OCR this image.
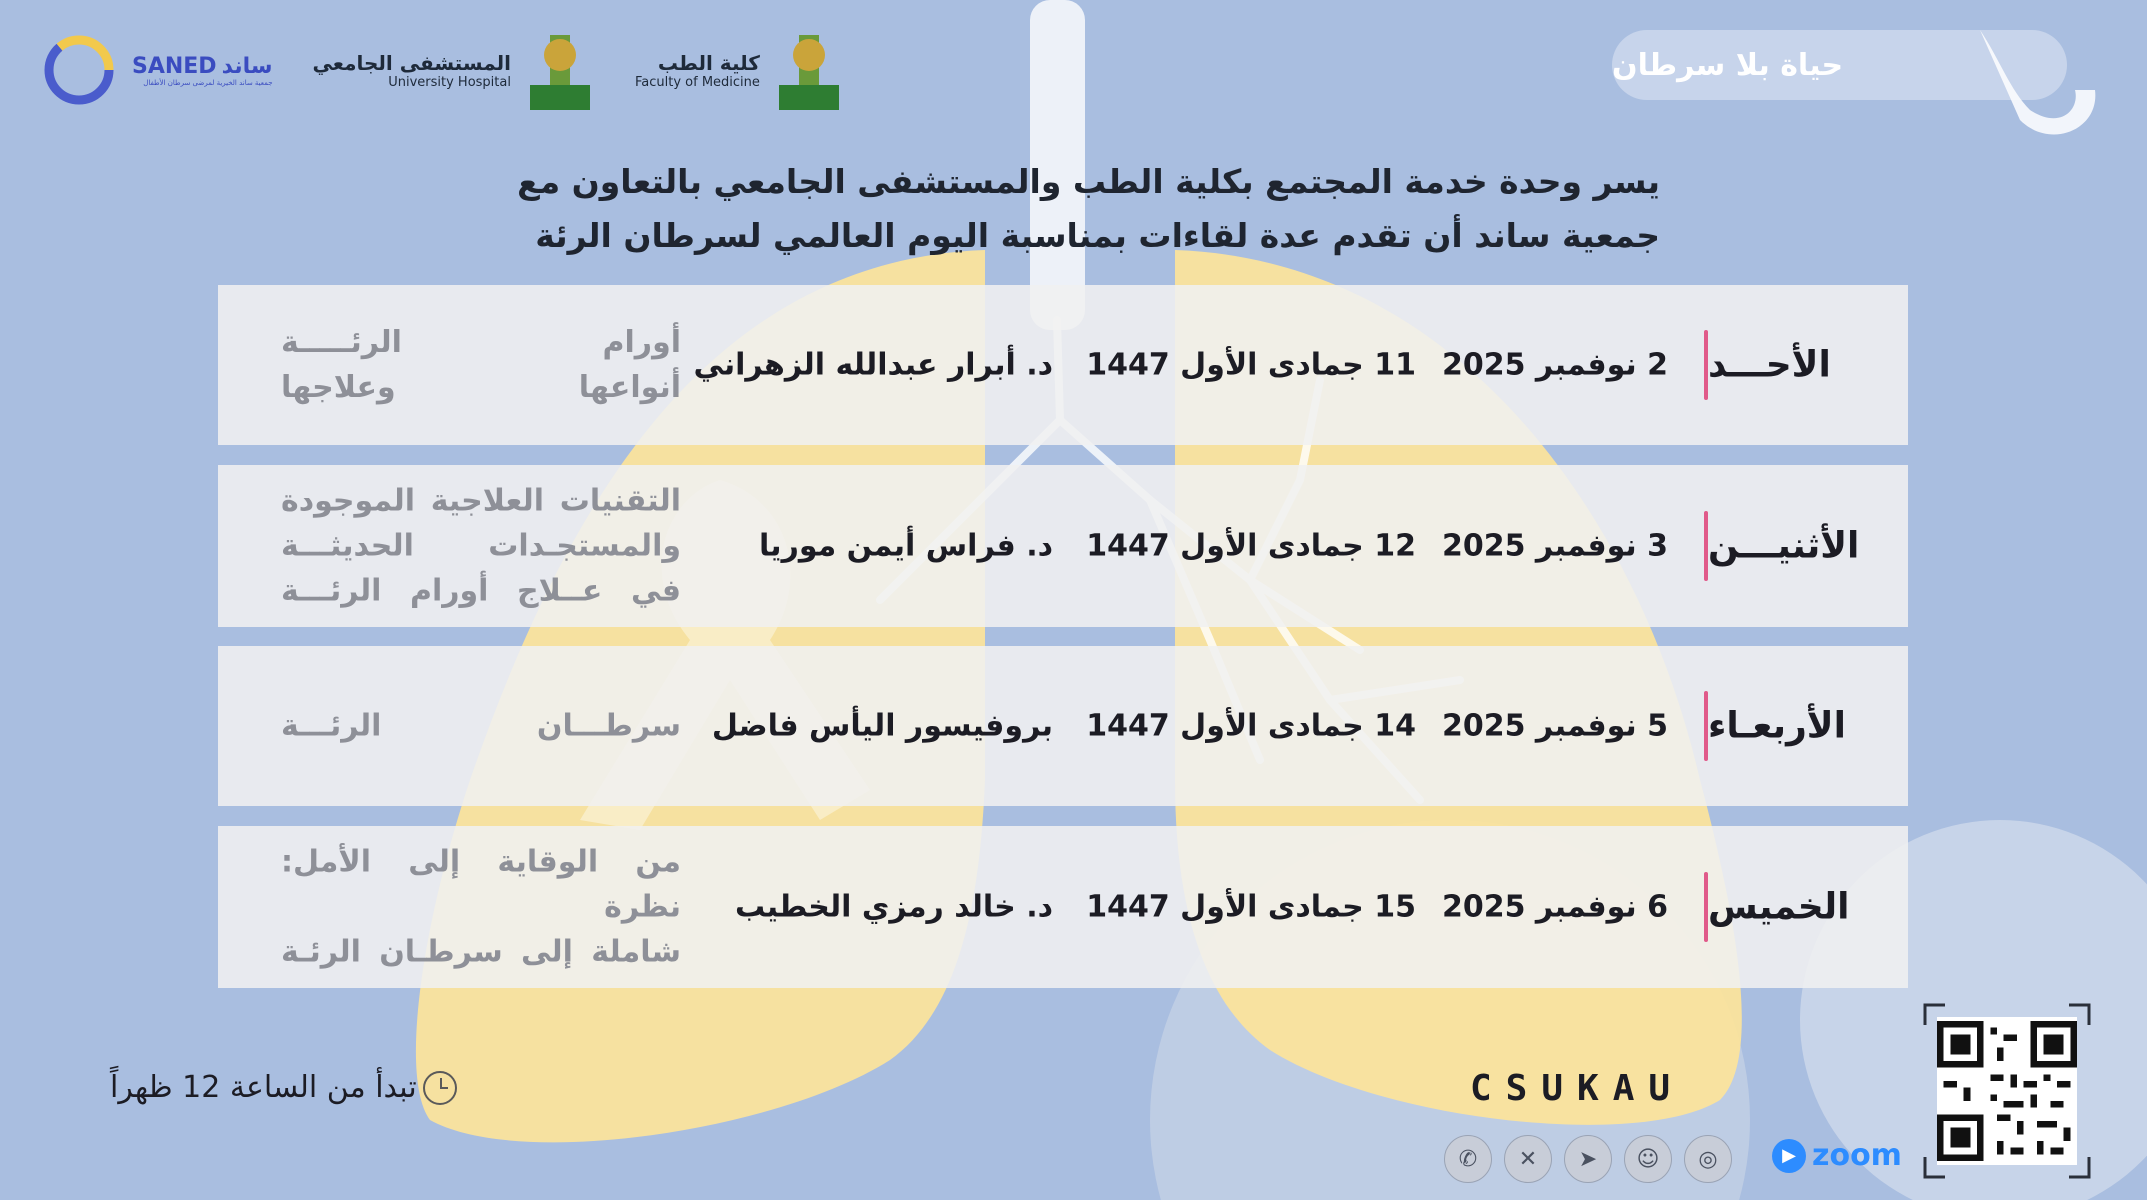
SANED ساند
جمعية ساند الخيرية لمرضى سرطان الأطفال
المستشفى الجامعي
University Hospital
كلية الطب
Faculty of Medicine	حياة بلا سرطان
يسر وحدة خدمة المجتمع بكلية الطب والمستشفى الجامعي بالتعاون مع
جمعية ساند أن تقدم عدة لقاءات بمناسبة اليوم العالمي لسرطان الرئة
الأحـــد
2 نوفمبر 2025
11 جمادى الأول 1447
د. أبرار عبدالله الزهراني
أورام الرئـــــة
أنواعها وعلاجها
الأثنيـــن
3 نوفمبر 2025
12 جمادى الأول 1447
د. فراس أيمن موريا
التقنيات العلاجية الموجودة
والمستجـدات الحديثـــة
في عــلاج أورام الرئـــة
الأربعـاء
5 نوفمبر 2025
14 جمادى الأول 1447
بروفيسور اليأس فاضل
سرطـــان الرئـــة
الخميس
6 نوفمبر 2025
15 جمادى الأول 1447
د. خالد رمزي الخطيب
من الوقاية إلى الأمل: نظرة
شاملة إلى سرطـان الرئـة
تبدأ من الساعة 12 ظهراً	CSUKAU
✆	✕	➤	☺	◎	▶ zoom
